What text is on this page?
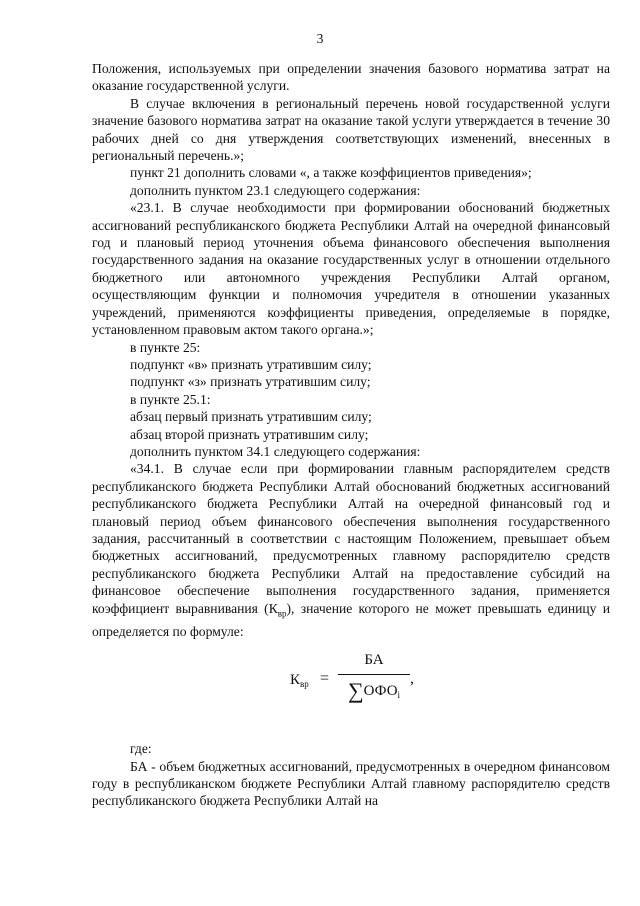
3

Положения, используемых при определении значения базового норматива затрат на оказание государственной услуги.

В случае включения в региональный перечень новой государственной услуги значение базового норматива затрат на оказание такой услуги утверждается в течение 30 рабочих дней со дня утверждения соответствующих изменений, внесенных в региональный перечень.»;

пункт 21 дополнить словами «, а также коэффициентов приведения»;

дополнить пунктом 23.1 следующего содержания:

«23.1. В случае необходимости при формировании обоснований бюджетных ассигнований республиканского бюджета Республики Алтай на очередной финансовый год и плановый период уточнения объема финансового обеспечения выполнения государственного задания на оказание государственных услуг в отношении отдельного бюджетного или автономного учреждения Республики Алтай органом, осуществляющим функции и полномочия учредителя в отношении указанных учреждений, применяются коэффициенты приведения, определяемые в порядке, установленном правовым актом такого органа.»;

в пункте 25:

подпункт «в» признать утратившим силу;

подпункт «з» признать утратившим силу;

в пункте 25.1:

абзац первый признать утратившим силу;

абзац второй признать утратившим силу;

дополнить пунктом 34.1 следующего содержания:

«34.1. В случае если при формировании главным распорядителем средств республиканского бюджета Республики Алтай обоснований бюджетных ассигнований республиканского бюджета Республики Алтай на очередной финансовый год и плановый период объем финансового обеспечения выполнения государственного задания, рассчитанный в соответствии с настоящим Положением, превышает объем бюджетных ассигнований, предусмотренных главному распорядителю средств республиканского бюджета Республики Алтай на предоставление субсидий на финансовое обеспечение выполнения государственного задания, применяется коэффициент выравнивания $(К_{вр})$, значение которого не может превышать единицу и определяется по формуле:

$К_{вр}$ =
БА
$\sum ОФО_i$
,

где:

БА - объем бюджетных ассигнований, предусмотренных в очередном финансовом году в республиканском бюджете Республики Алтай главному распорядителю средств республиканского бюджета Республики Алтай на
